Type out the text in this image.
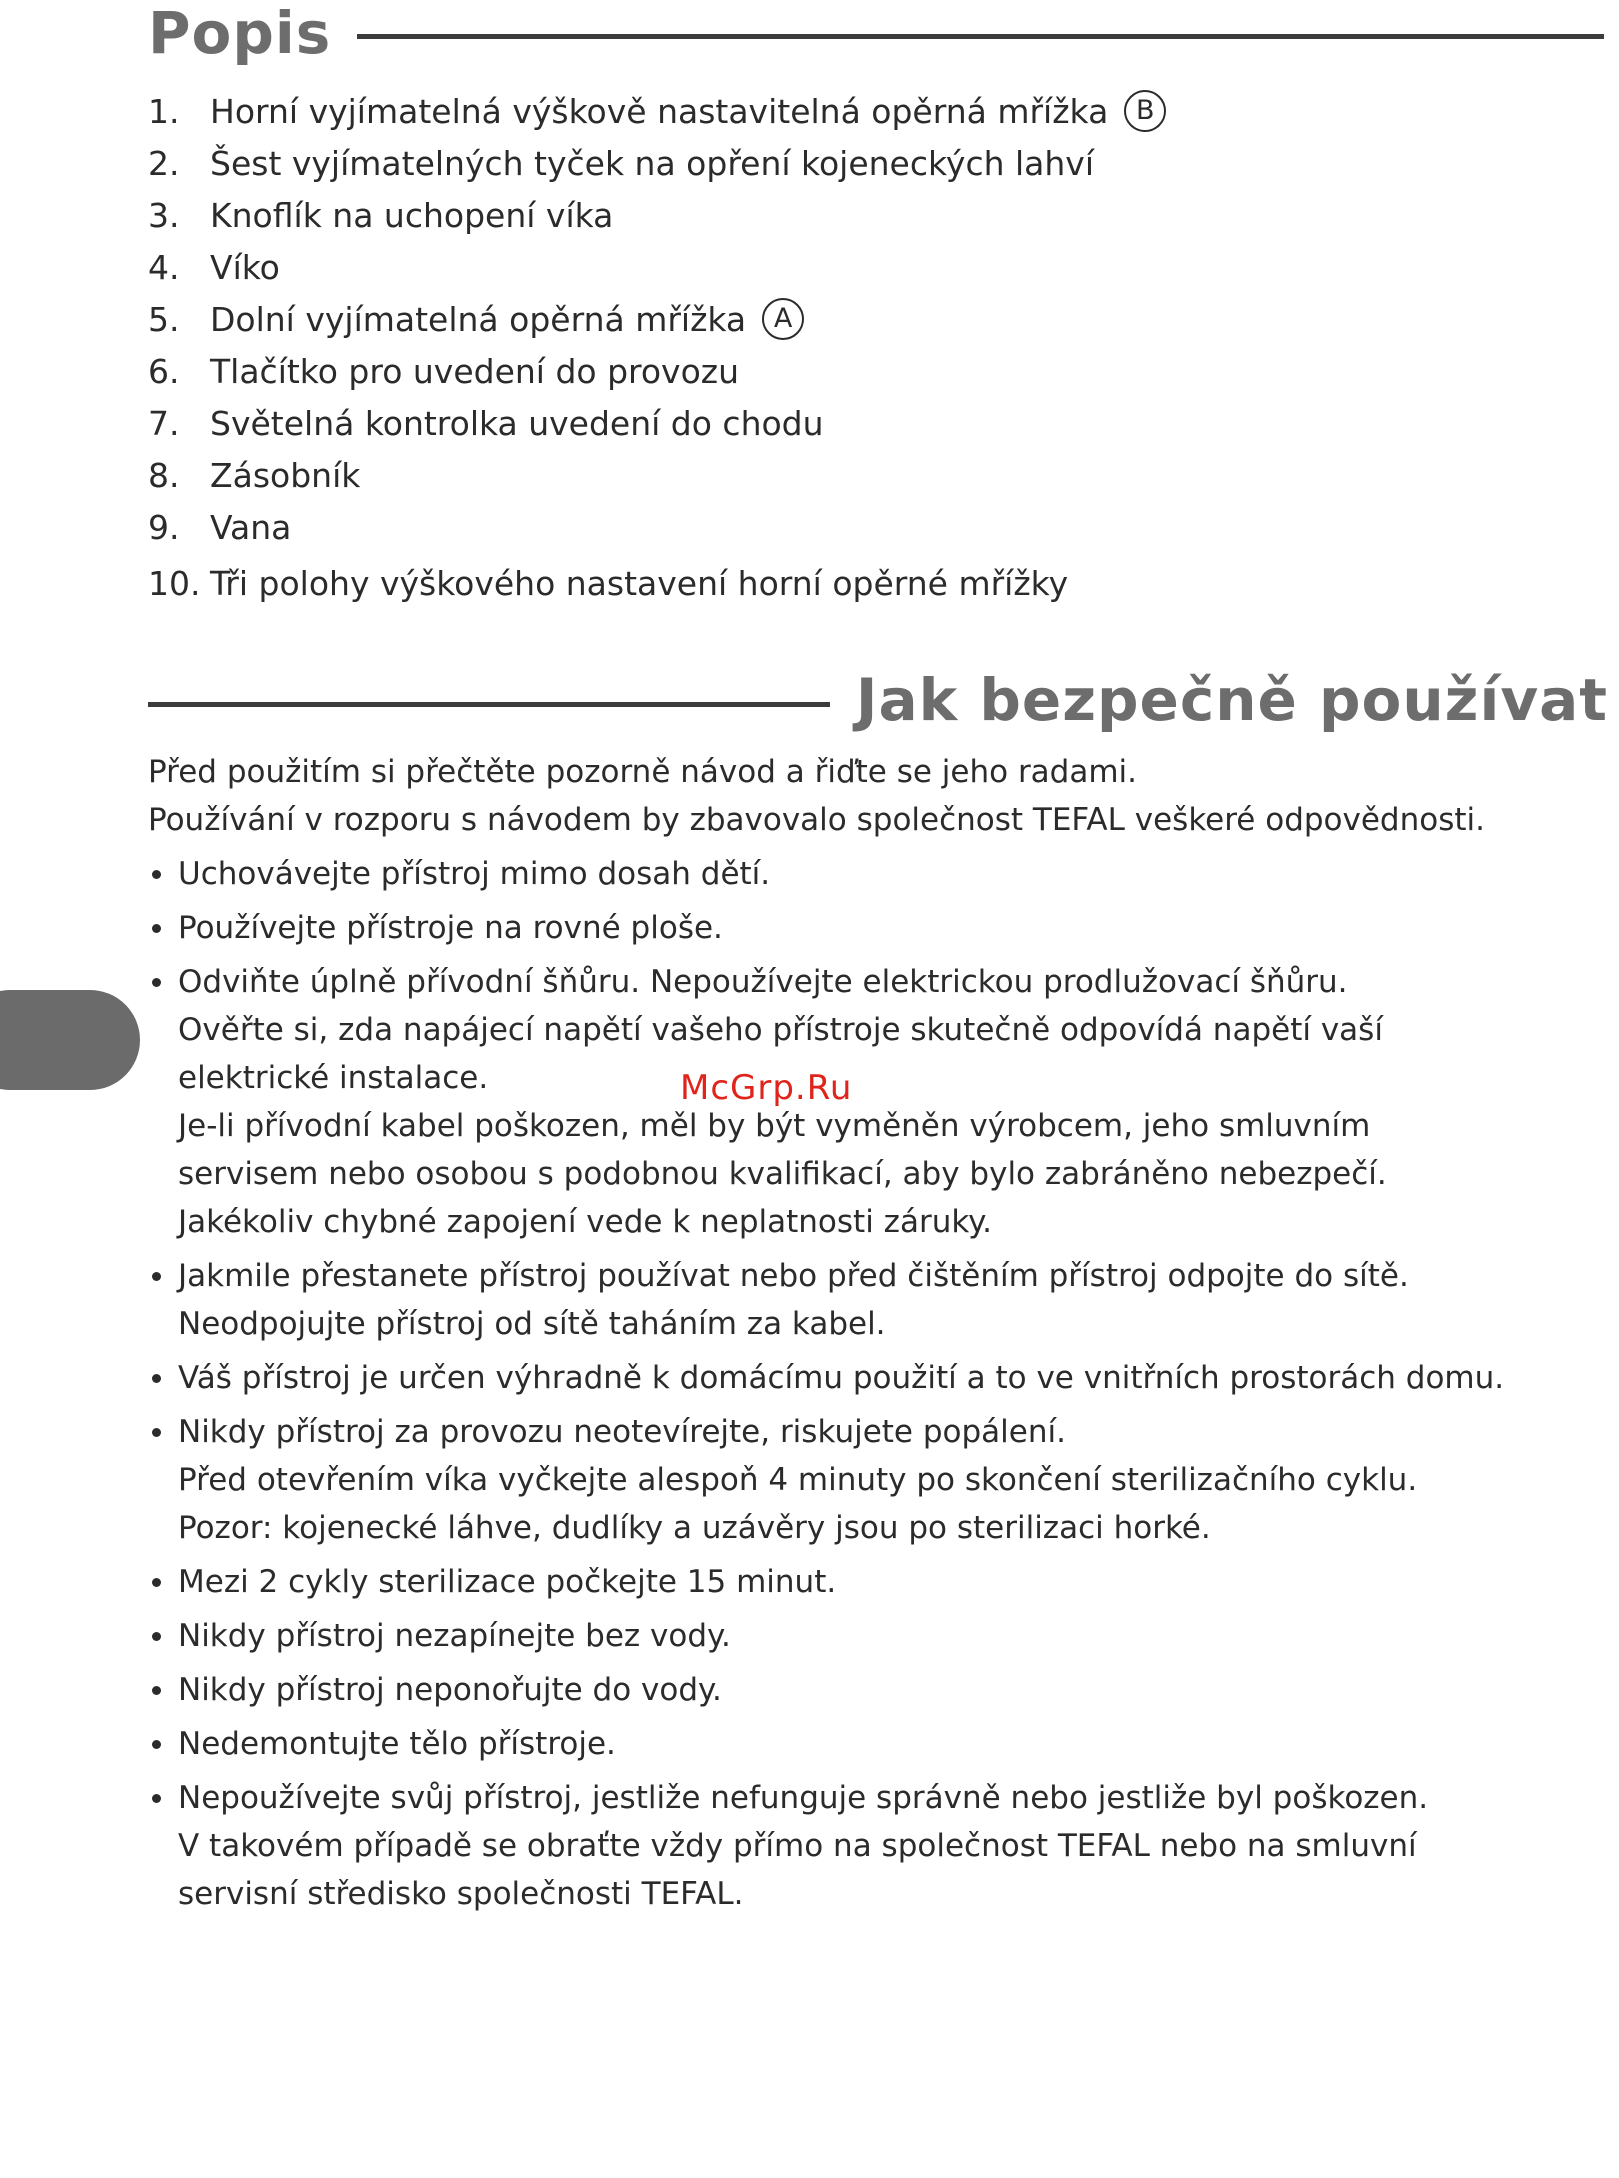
Popis
1. Horní vyjímatelná výškově nastavitelná opěrná mřížka B
2. Šest vyjímatelných tyček na opření kojeneckých lahví
3. Knoflík na uchopení víka
4. Víko
5. Dolní vyjímatelná opěrná mřížka A
6. Tlačítko pro uvedení do provozu
7. Světelná kontrolka uvedení do chodu
8. Zásobník
9. Vana
10. Tři polohy výškového nastavení horní opěrné mřížky
Jak bezpečně používat

Před použitím si přečtěte pozorně návod a řiďte se jeho radami.

Používání v rozporu s návodem by zbavovalo společnost TEFAL veškeré odpovědnosti.

Uchovávejte přístroj mimo dosah dětí.
Používejte přístroje na rovné ploše.
Odviňte úplně přívodní šňůru. Nepoužívejte elektrickou prodlužovací šňůru.
Ověřte si, zda napájecí napětí vašeho přístroje skutečně odpovídá napětí vaší
elektrické instalace.
Je-li přívodní kabel poškozen, měl by být vyměněn výrobcem, jeho smluvním
servisem nebo osobou s podobnou kvalifikací, aby bylo zabráněno nebezpečí.
Jakékoliv chybné zapojení vede k neplatnosti záruky.
Jakmile přestanete přístroj používat nebo před čištěním přístroj odpojte do sítě.
Neodpojujte přístroj od sítě taháním za kabel.
Váš přístroj je určen výhradně k domácímu použití a to ve vnitřních prostorách domu.
Nikdy přístroj za provozu neotevírejte, riskujete popálení.
Před otevřením víka vyčkejte alespoň 4 minuty po skončení sterilizačního cyklu.
Pozor: kojenecké láhve, dudlíky a uzávěry jsou po sterilizaci horké.
Mezi 2 cykly sterilizace počkejte 15 minut.
Nikdy přístroj nezapínejte bez vody.
Nikdy přístroj neponořujte do vody.
Nedemontujte tělo přístroje.
Nepoužívejte svůj přístroj, jestliže nefunguje správně nebo jestliže byl poškozen.
V takovém případě se obraťte vždy přímo na společnost TEFAL nebo na smluvní
servisní středisko společnosti TEFAL.
McGrp.Ru
